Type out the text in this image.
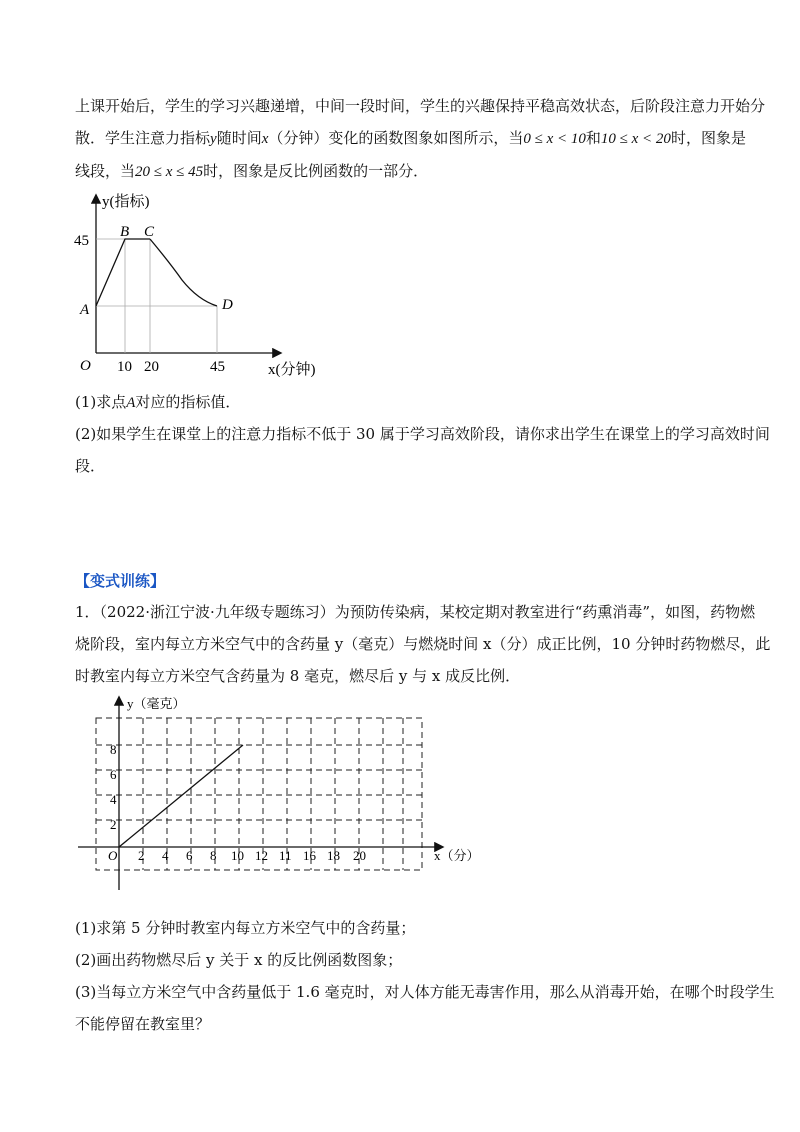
上课开始后，学生的学习兴趣递增，中间一段时间，学生的兴趣保持平稳高效状态，后阶段注意力开始分
散．学生注意力指标y随时间x（分钟）变化的函数图象如图所示，当0 ≤ x < 10和10 ≤ x < 20时，图象是
线段，当20 ≤ x ≤ 45时，图象是反比例函数的一部分．
y(指标)
45
A
B C
D
O 10 20	45	x(分钟)
(1)求点A对应的指标值．
(2)如果学生在课堂上的注意力指标不低于 30 属于学习高效阶段，请你求出学生在课堂上的学习高效时间
段．
【变式训练】
1．（2022·浙江宁波·九年级专题练习）为预防传染病，某校定期对教室进行“药熏消毒”，如图，药物燃
烧阶段，室内每立方米空气中的含药量 y（毫克）与燃烧时间 x（分）成正比例，10 分钟时药物燃尽，此
时教室内每立方米空气含药量为 8 毫克，燃尽后 y 与 x 成反比例．
y（毫克）
8
6
4
2
O 2 4 6 8 10 12 11 16 18 20	x（分）
(1)求第 5 分钟时教室内每立方米空气中的含药量；
(2)画出药物燃尽后 y 关于 x 的反比例函数图象；
(3)当每立方米空气中含药量低于 1.6 毫克时，对人体方能无毒害作用，那么从消毒开始，在哪个时段学生
不能停留在教室里？
